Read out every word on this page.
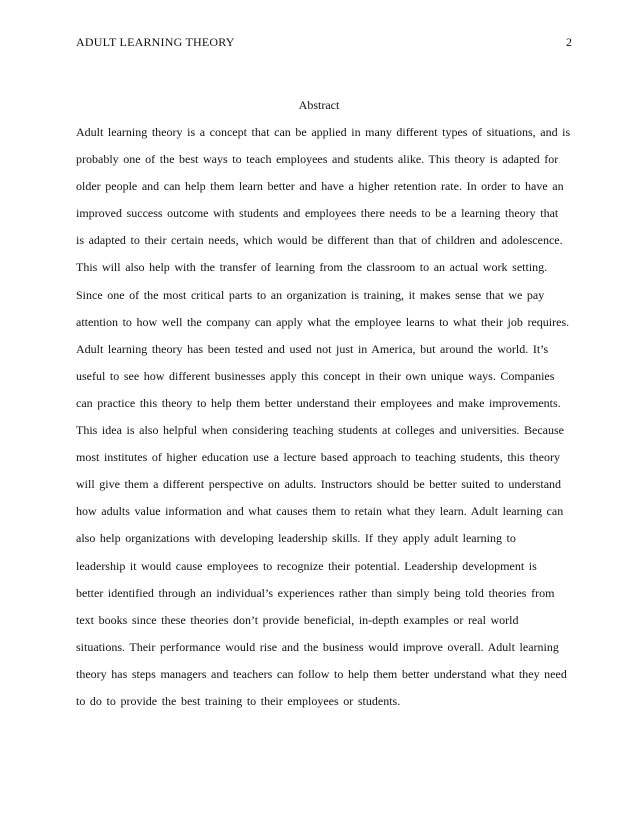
ADULT LEARNING THEORY	2
Abstract
Adult learning theory is a concept that can be applied in many different types of situations, and is
probably one of the best ways to teach employees and students alike. This theory is adapted for
older people and can help them learn better and have a higher retention rate. In order to have an
improved success outcome with students and employees there needs to be a learning theory that
is adapted to their certain needs, which would be different than that of children and adolescence.
This will also help with the transfer of learning from the classroom to an actual work setting.
Since one of the most critical parts to an organization is training, it makes sense that we pay
attention to how well the company can apply what the employee learns to what their job requires.
Adult learning theory has been tested and used not just in America, but around the world. It’s
useful to see how different businesses apply this concept in their own unique ways. Companies
can practice this theory to help them better understand their employees and make improvements.
This idea is also helpful when considering teaching students at colleges and universities. Because
most institutes of higher education use a lecture based approach to teaching students, this theory
will give them a different perspective on adults. Instructors should be better suited to understand
how adults value information and what causes them to retain what they learn. Adult learning can
also help organizations with developing leadership skills. If they apply adult learning to
leadership it would cause employees to recognize their potential. Leadership development is
better identified through an individual’s experiences rather than simply being told theories from
text books since these theories don’t provide beneficial, in-depth examples or real world
situations. Their performance would rise and the business would improve overall. Adult learning
theory has steps managers and teachers can follow to help them better understand what they need
to do to provide the best training to their employees or students.
